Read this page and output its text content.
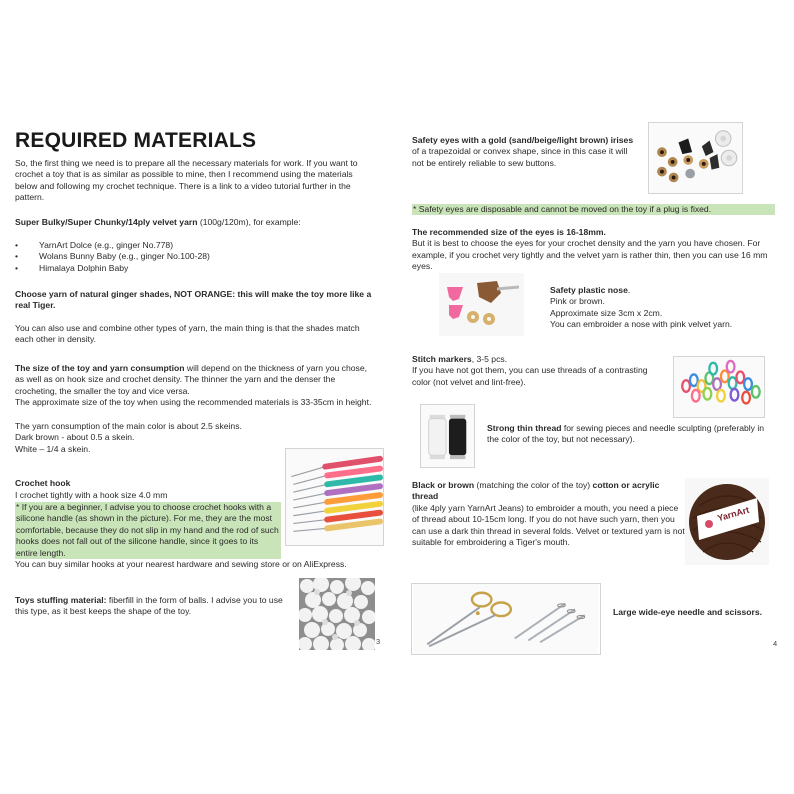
REQUIRED MATERIALS
So, the first thing we need is to prepare all the necessary materials for work. If you want to crochet a toy that is as similar as possible to mine, then I recommend using the materials below and following my crochet technique. There is a link to a video tutorial further in the pattern.
Super Bulky/Super Chunky/14ply velvet yarn (100g/120m), for example:
• YarnArt Dolce (e.g., ginger No.778)
• Wolans Bunny Baby (e.g., ginger No.100-28)
• Himalaya Dolphin Baby
Choose yarn of natural ginger shades, NOT ORANGE: this will make the toy more like a real Tiger.
You can also use and combine other types of yarn, the main thing is that the shades match each other in density.
The size of the toy and yarn consumption will depend on the thickness of yarn you chose, as well as on hook size and crochet density. The thinner the yarn and the denser the crocheting, the smaller the toy and vice versa.
The approximate size of the toy when using the recommended materials is 33-35cm in height.
The yarn consumption of the main color is about 2.5 skeins.
Dark brown - about 0.5 a skein.
White – 1/4 a skein.
Crochet hook
I crochet tightly with a hook size 4.0 mm
* If you are a beginner, I advise you to choose crochet hooks with a silicone handle (as shown in the picture). For me, they are the most comfortable, because they do not slip in my hand and the rod of such hooks does not fall out of the silicone handle, since it goes to its entire length.
You can buy similar hooks at your nearest hardware and sewing store or on AliExpress.
Toys stuffing material: fiberfill in the form of balls. I advise you to use this type, as it best keeps the shape of the toy.
3
Safety eyes with a gold (sand/beige/light brown) irises
of a trapezoidal or convex shape, since in this case it will not be entirely reliable to sew buttons.
* Safety eyes are disposable and cannot be moved on the toy if a plug is fixed.
The recommended size of the eyes is 16-18mm.
But it is best to choose the eyes for your crochet density and the yarn you have chosen. For example, if you crochet very tightly and the velvet yarn is rather thin, then you can use 16 mm eyes.
Safety plastic nose.
Pink or brown.
Approximate size 3cm x 2cm.
You can embroider a nose with pink velvet yarn.
Stitch markers, 3-5 pcs.
If you have not got them, you can use threads of a contrasting color (not velvet and lint-free).
Strong thin thread for sewing pieces and needle sculpting (preferably in the color of the toy, but not necessary).
Black or brown (matching the color of the toy) cotton or acrylic thread
(like 4ply yarn YarnArt Jeans) to embroider a mouth, you need a piece of thread about 10-15cm long. If you do not have such yarn, then you can use a dark thin thread in several folds. Velvet or textured yarn is not suitable for embroidering a Tiger's mouth.
YarnArt
Large wide-eye needle and scissors.
4
